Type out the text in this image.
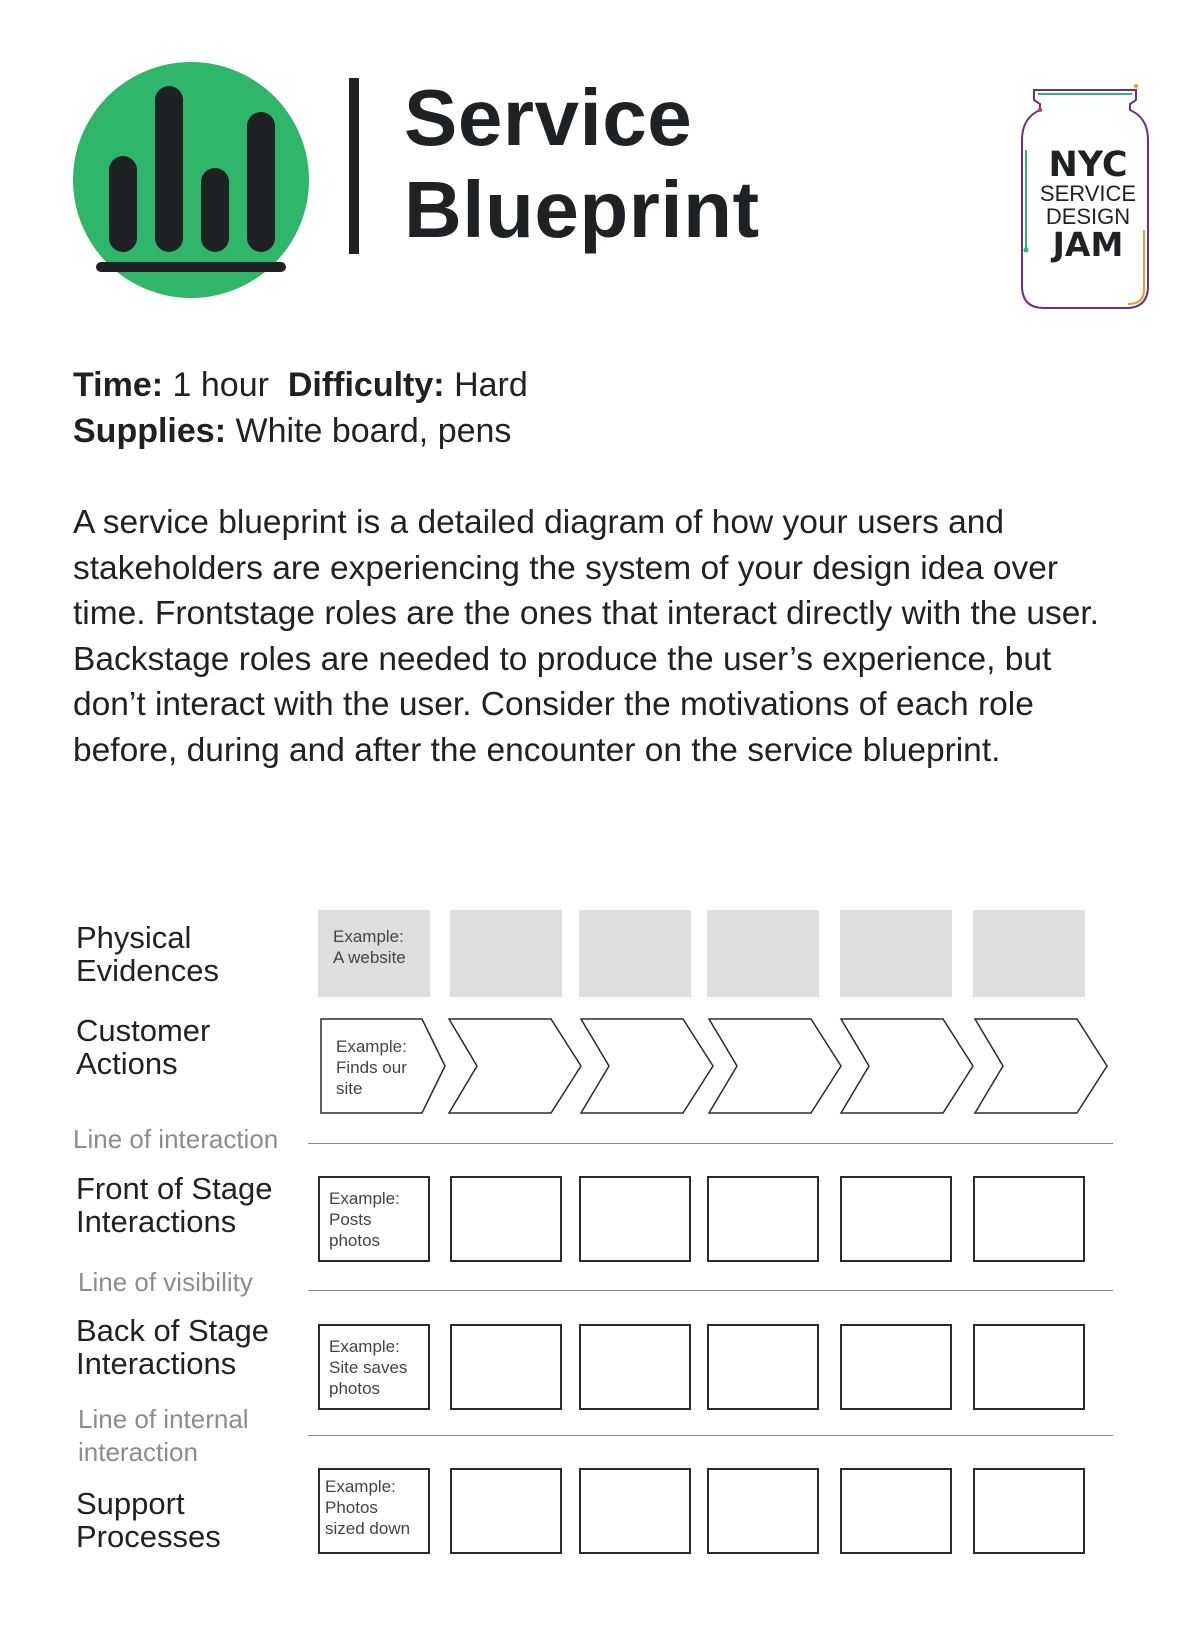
Service
Blueprint	NYC
SERVICE
DESIGN
JAM
Time: 1 hour Difficulty: Hard
Supplies: White board, pens

A service blueprint is a detailed diagram of how your users and stakeholders are experiencing the system of your design idea over time. Frontstage roles are the ones that interact directly with the user. Backstage roles are needed to produce the user’s experience, but don’t interact with the user. Consider the motivations of each role before, during and after the encounter on the service blueprint.

Physical
Evidences
Customer
Actions
Line of interaction
Front of Stage
Interactions
Line of visibility
Back of Stage
Interactions
Line of internal
interaction
Support
Processes
Example:
A website
Example:
Finds our
site
Example:
Posts
photos
Example:
Site saves
photos
Example:
Photos
sized down
